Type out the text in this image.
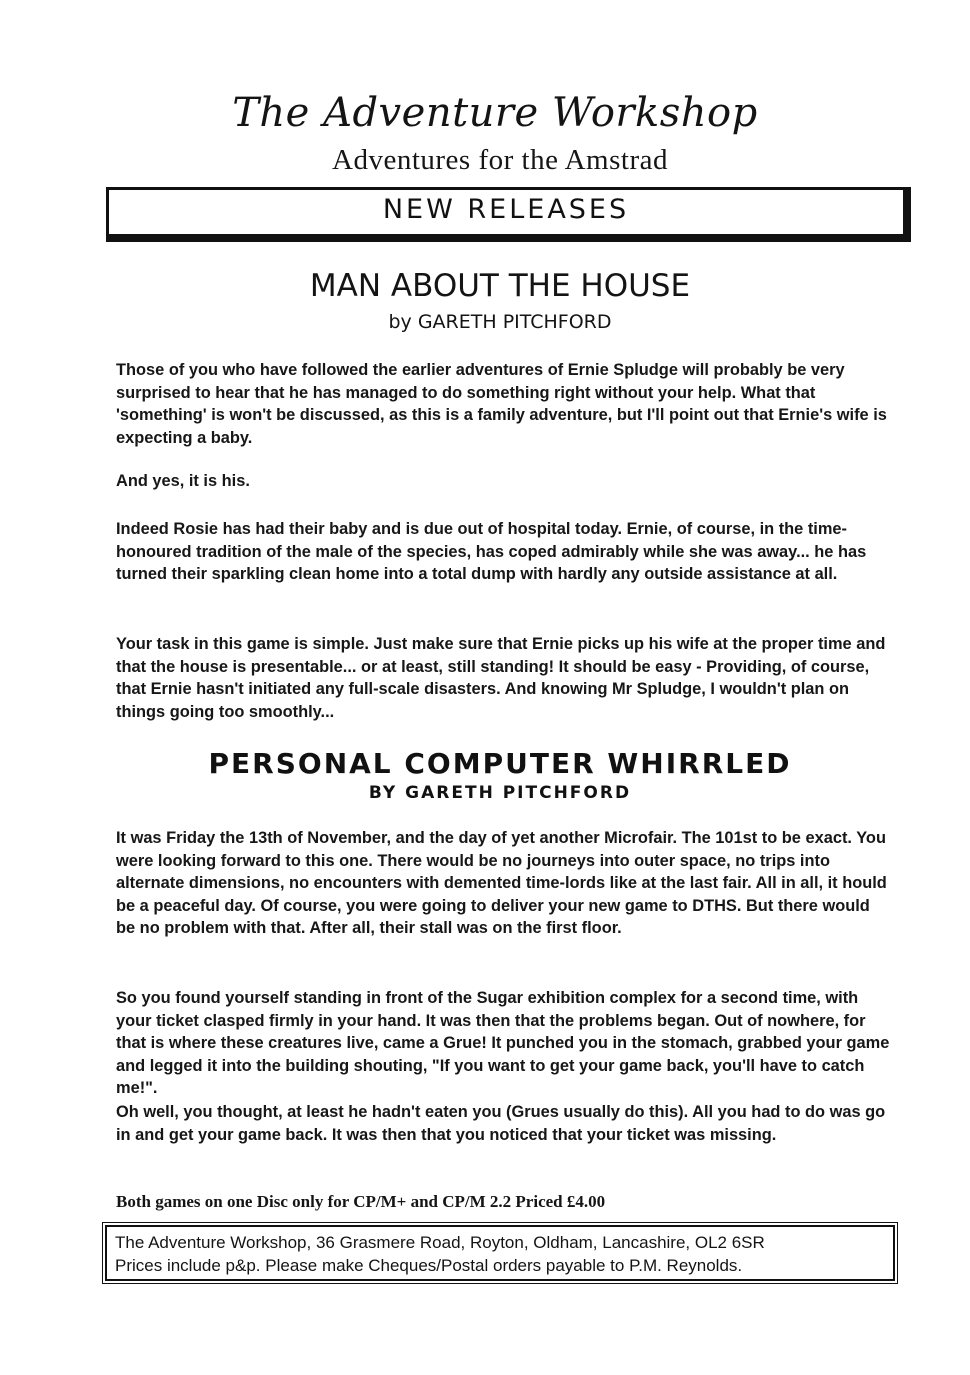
The Adventure Workshop
Adventures for the Amstrad
NEW RELEASES
MAN ABOUT THE HOUSE
by GARETH PITCHFORD

Those of you who have followed the earlier adventures of Ernie Spludge will probably be very surprised to hear that he has managed to do something right without your help. What that 'something' is won't be discussed, as this is a family adventure, but I'll point out that Ernie's wife is expecting a baby.

And yes, it is his.

Indeed Rosie has had their baby and is due out of hospital today. Ernie, of course, in the time-honoured tradition of the male of the species, has coped admirably while she was away... he has turned their sparkling clean home into a total dump with hardly any outside assistance at all.

Your task in this game is simple. Just make sure that Ernie picks up his wife at the proper time and that the house is presentable... or at least, still standing! It should be easy - Providing, of course, that Ernie hasn't initiated any full-scale disasters. And knowing Mr Spludge, I wouldn't plan on things going too smoothly...

PERSONAL COMPUTER WHIRRLED
BY GARETH PITCHFORD

It was Friday the 13th of November, and the day of yet another Microfair. The 101st to be exact. You were looking forward to this one. There would be no journeys into outer space, no trips into alternate dimensions, no encounters with demented time-lords like at the last fair. All in all, it hould be a peaceful day. Of course, you were going to deliver your new game to DTHS. But there would be no problem with that. After all, their stall was on the first floor.

So you found yourself standing in front of the Sugar exhibition complex for a second time, with your ticket clasped firmly in your hand. It was then that the problems began. Out of nowhere, for that is where these creatures live, came a Grue! It punched you in the stomach, grabbed your game and legged it into the building shouting, "If you want to get your game back, you'll have to catch me!".

Oh well, you thought, at least he hadn't eaten you (Grues usually do this). All you had to do was go in and get your game back. It was then that you noticed that your ticket was missing.

Both games on one Disc only for CP/M+ and CP/M 2.2 Priced £4.00
The Adventure Workshop, 36 Grasmere Road, Royton, Oldham, Lancashire, OL2 6SR
Prices include p&p. Please make Cheques/Postal orders payable to P.M. Reynolds.
